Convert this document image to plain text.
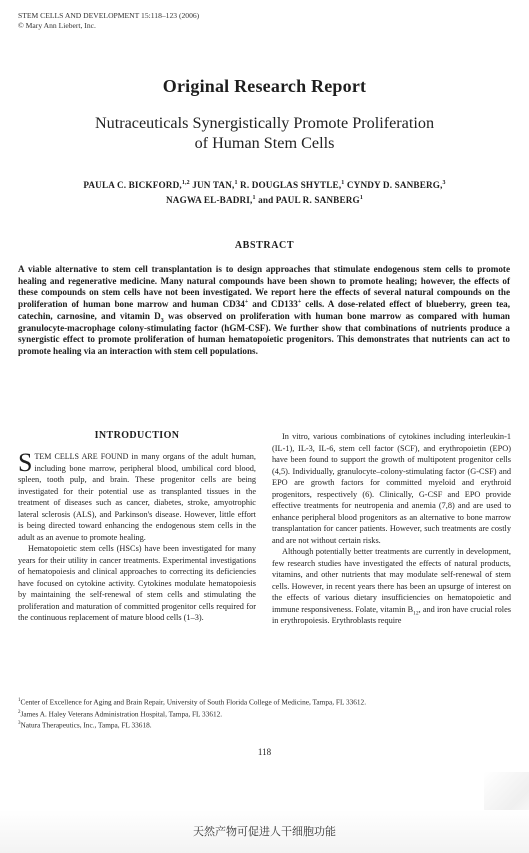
STEM CELLS AND DEVELOPMENT 15:118–123 (2006)
© Mary Ann Liebert, Inc.
Original Research Report
Nutraceuticals Synergistically Promote Proliferation
of Human Stem Cells
PAULA C. BICKFORD,$^{1,2}$ JUN TAN,$^1$ R. DOUGLAS SHYTLE,$^1$ CYNDY D. SANBERG,$^3$
NAGWA EL-BADRI,$^1$ and PAUL R. SANBERG$^1$
ABSTRACT
A viable alternative to stem cell transplantation is to design approaches that stimulate endogenous stem cells to promote healing and regenerative medicine. Many natural compounds have been shown to promote healing; however, the effects of these compounds on stem cells have not been investigated. We report here the effects of several natural compounds on the proliferation of human bone marrow and human CD34+ and CD133+ cells. A dose-related effect of blueberry, green tea, catechin, carnosine, and vitamin $D_3$ was observed on proliferation with human bone marrow as compared with human granulocyte-macrophage colony-stimulating factor (hGM-CSF). We further show that combinations of nutrients produce a synergistic effect to promote proliferation of human hematopoietic progenitors. This demonstrates that nutrients can act to promote healing via an interaction with stem cell populations.
INTRODUCTION

STEM CELLS ARE FOUND in many organs of the adult human, including bone marrow, peripheral blood, umbilical cord blood, spleen, tooth pulp, and brain. These progenitor cells are being investigated for their potential use as transplanted tissues in the treatment of diseases such as cancer, diabetes, stroke, amyotrophic lateral sclerosis (ALS), and Parkinson's disease. However, little effort is being directed toward enhancing the endogenous stem cells in the adult as an avenue to promote healing.

Hematopoietic stem cells (HSCs) have been investigated for many years for their utility in cancer treatments. Experimental investigations of hematopoiesis and clinical approaches to correcting its deficiencies have focused on cytokine activity. Cytokines modulate hematopoiesis by maintaining the self-renewal of stem cells and stimulating the proliferation and maturation of committed progenitor cells required for the continuous replacement of mature blood cells (1–3).

In vitro, various combinations of cytokines including interleukin-1 (IL-1), IL-3, IL-6, stem cell factor (SCF), and erythropoietin (EPO) have been found to support the growth of multipotent progenitor cells (4,5). Individually, granulocyte–colony-stimulating factor (G-CSF) and EPO are growth factors for committed myeloid and erythroid progenitors, respectively (6). Clinically, G-CSF and EPO provide effective treatments for neutropenia and anemia (7,8) and are used to enhance peripheral blood progenitors as an alternative to bone marrow transplantation for cancer patients. However, such treatments are costly and are not without certain risks.

Although potentially better treatments are currently in development, few research studies have investigated the effects of natural products, vitamins, and other nutrients that may modulate self-renewal of stem cells. However, in recent years there has been an upsurge of interest on the effects of various dietary insufficiencies on hematopoietic and immune responsiveness. Folate, vitamin $B_{12}$, and iron have crucial roles in erythropoiesis. Erythroblasts require

$^1$Center of Excellence for Aging and Brain Repair, University of South Florida College of Medicine, Tampa, FL 33612.
$^2$James A. Haley Veterans Administration Hospital, Tampa, FL 33612.
$^3$Natura Therapeutics, Inc., Tampa, FL 33618.
118
天然产物可促进人干细胞功能
